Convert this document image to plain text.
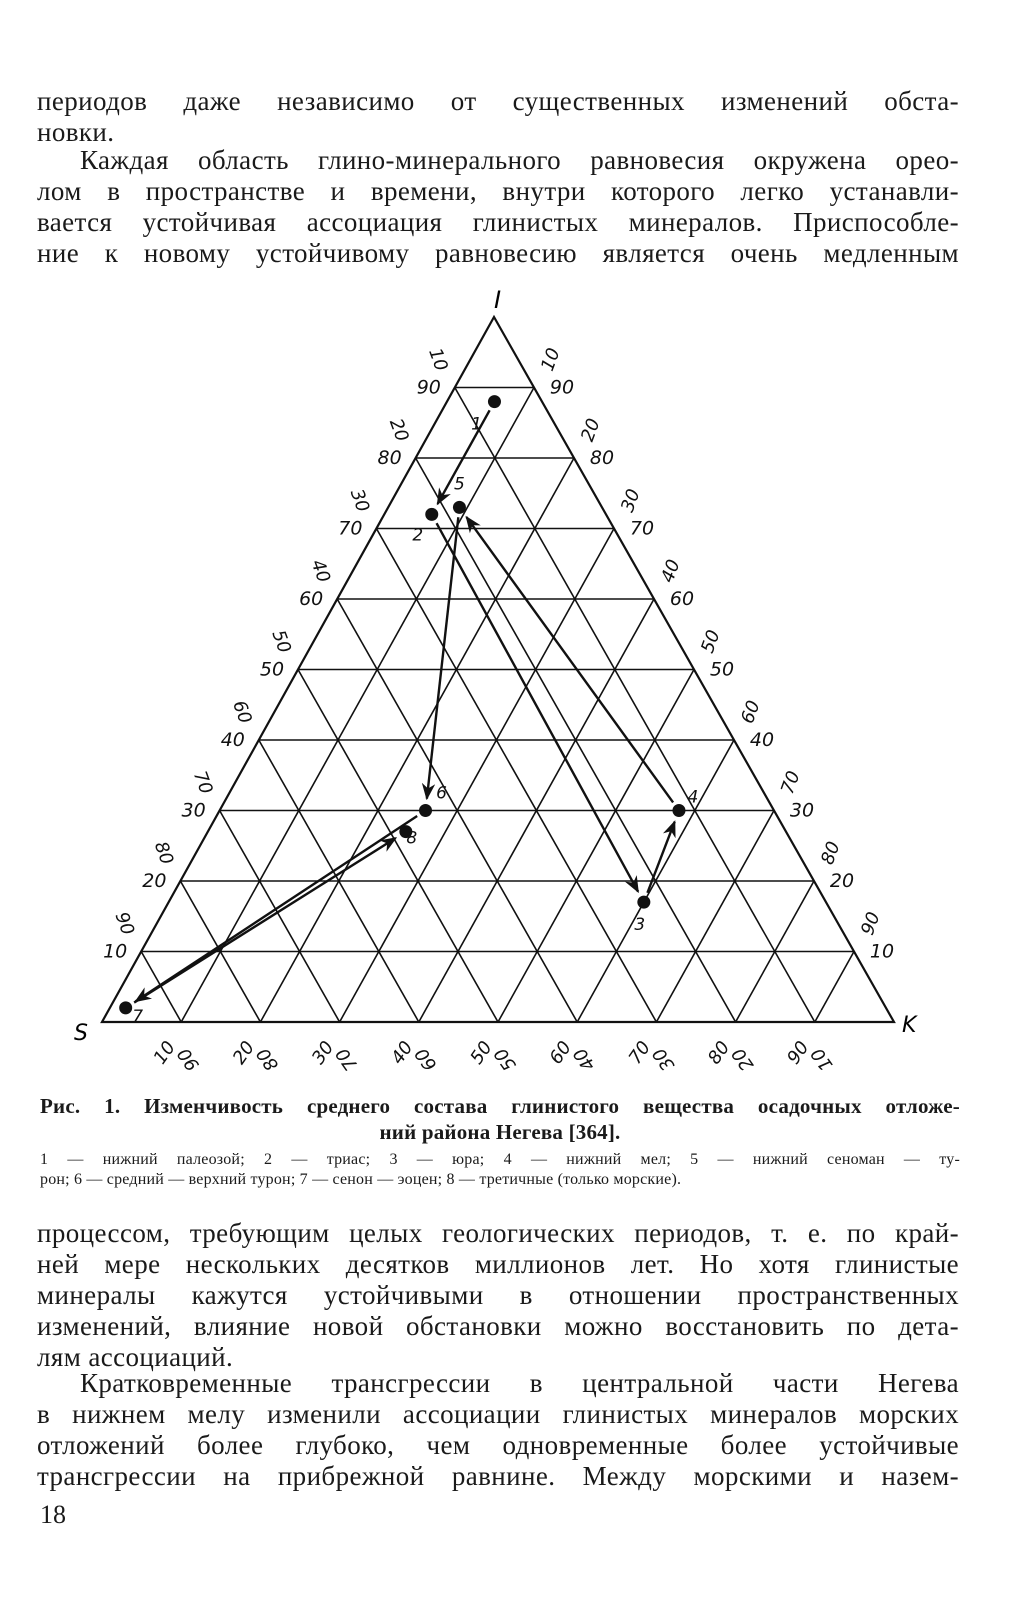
периодов даже независимо от существенных изменений обста-
новки.
Каждая область глино-минерального равновесия окружена орео-
лом в пространстве и времени, внутри которого легко устанавли-
вается устойчивая ассоциация глинистых минералов. Приспособле-
ние к новому устойчивому равновесию является очень медленным
10
90
10
90
20
80
20
80
30
70
30
70
40
60
40
60
50
50
50
50
60
40
60
40
70
30
70
30
80
20
80
20
90
10
90
10
10
90 20
80 30
70 40
60 50
50 60
40 70
30 80
20 90
10
1
2
3
4
5
6
7
8
I
S	K
Рис. 1. Изменчивость среднего состава глинистого вещества осадочных отложе-
ний района Негева [364].
1 — нижний палеозой; 2 — триас; 3 — юра; 4 — нижний мел; 5 — нижний сеноман — ту-
рон; 6 — средний — верхний турон; 7 — сенон — эоцен; 8 — третичные (только морские).
процессом, требующим целых геологических периодов, т. е. по край-
ней мере нескольких десятков миллионов лет. Но хотя глинистые
минералы кажутся устойчивыми в отношении пространственных
изменений, влияние новой обстановки можно восстановить по дета-
лям ассоциаций.
Кратковременные трансгрессии в центральной части Негева
в нижнем мелу изменили ассоциации глинистых минералов морских
отложений более глубоко, чем одновременные более устойчивые
трансгрессии на прибрежной равнине. Между морскими и назем-
18
